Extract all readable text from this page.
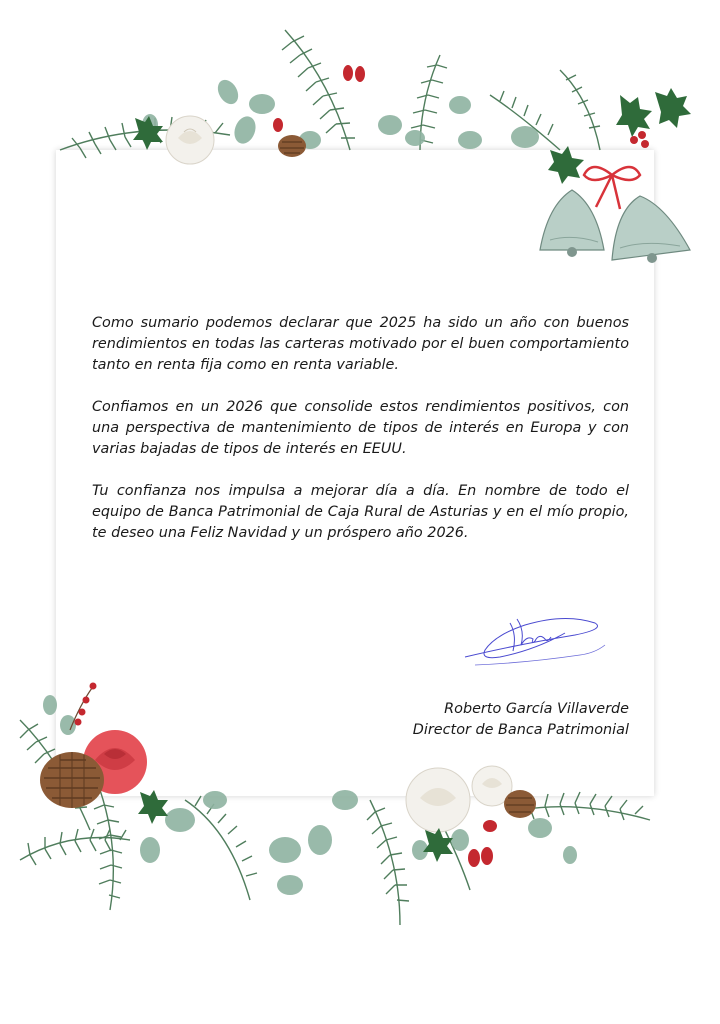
Como sumario podemos declarar que 2025 ha sido un año con buenos rendimientos en todas las carteras motivado por el buen comportamiento tanto en renta fija como en renta variable.

Confiamos en un 2026 que consolide estos rendimientos positivos, con una perspectiva de mantenimiento de tipos de interés en Europa y con varias bajadas de tipos de interés en EEUU.

Tu confianza nos impulsa a mejorar día a día. En nombre de todo el equipo de Banca Patrimonial de Caja Rural de Asturias y en el mío propio, te deseo una Feliz Navidad y un próspero año 2026.

Roberto García Villaverde
Director de Banca Patrimonial
